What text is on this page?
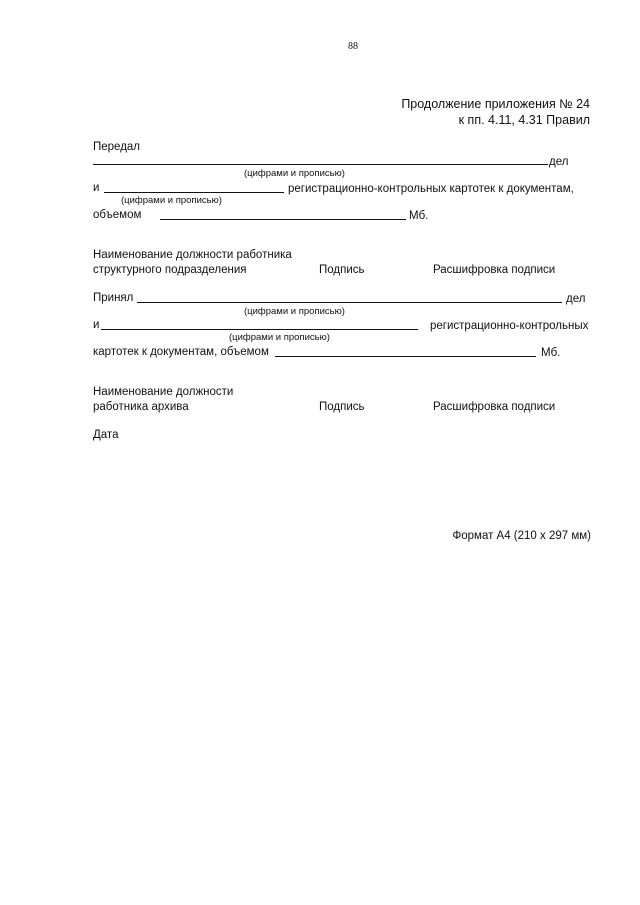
88
Продолжение приложения № 24
к пп. 4.11, 4.31 Правил
Передал
дел
(цифрами и прописью)
и	регистрационно-контрольных картотек к документам,
(цифрами и прописью)
объемом	Мб.
Наименование должности работника
структурного подразделения	Подпись	Расшифровка подписи
Принял	дел
(цифрами и прописью)
и	регистрационно-контрольных
(цифрами и прописью)
картотек к документам, объемом	Мб.
Наименование должности
работника архива	Подпись	Расшифровка подписи
Дата
Формат А4 (210 х 297 мм)
